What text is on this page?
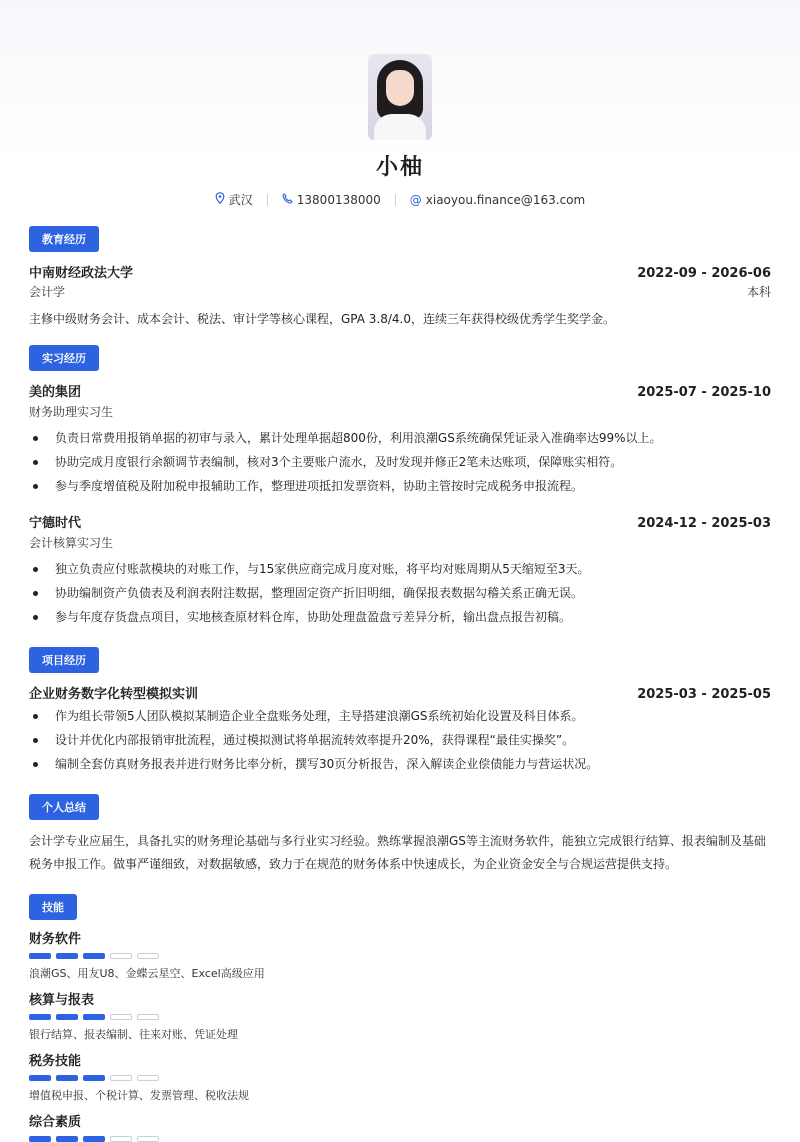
小柚
武汉	13800138000 @ xiaoyou.finance@163.com
教育经历
中南财经政法大学	2022-09 - 2026-06
会计学	本科
主修中级财务会计、成本会计、税法、审计学等核心课程，GPA 3.8/4.0，连续三年获得校级优秀学生奖学金。
实习经历
美的集团	2025-07 - 2025-10
财务助理实习生
负责日常费用报销单据的初审与录入，累计处理单据超800份，利用浪潮GS系统确保凭证录入准确率达99%以上。
协助完成月度银行余额调节表编制，核对3个主要账户流水，及时发现并修正2笔未达账项，保障账实相符。
参与季度增值税及附加税申报辅助工作，整理进项抵扣发票资料，协助主管按时完成税务申报流程。
宁德时代	2024-12 - 2025-03
会计核算实习生
独立负责应付账款模块的对账工作，与15家供应商完成月度对账，将平均对账周期从5天缩短至3天。
协助编制资产负债表及利润表附注数据，整理固定资产折旧明细，确保报表数据勾稽关系正确无误。
参与年度存货盘点项目，实地核查原材料仓库，协助处理盘盈盘亏差异分析，输出盘点报告初稿。
项目经历
企业财务数字化转型模拟实训	2025-03 - 2025-05
作为组长带领5人团队模拟某制造企业全盘账务处理，主导搭建浪潮GS系统初始化设置及科目体系。
设计并优化内部报销审批流程，通过模拟测试将单据流转效率提升20%，获得课程“最佳实操奖”。
编制全套仿真财务报表并进行财务比率分析，撰写30页分析报告，深入解读企业偿债能力与营运状况。
个人总结
会计学专业应届生，具备扎实的财务理论基础与多行业实习经验。熟练掌握浪潮GS等主流财务软件，能独立完成银行结算、报表编制及基础税务申报工作。做事严谨细致，对数据敏感，致力于在规范的财务体系中快速成长，为企业资金安全与合规运营提供支持。
技能
财务软件
浪潮GS、用友U8、金蝶云星空、Excel高级应用
核算与报表
银行结算、报表编制、往来对账、凭证处理
税务技能
增值税申报、个税计算、发票管理、税收法规
综合素质
